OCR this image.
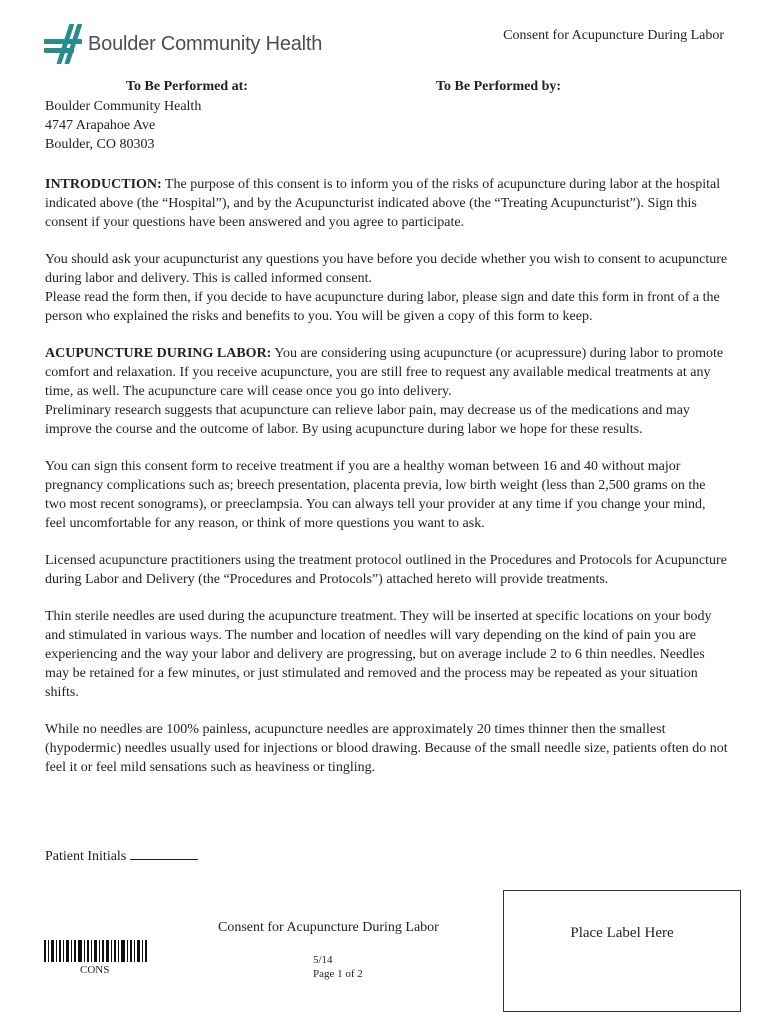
Boulder Community Health	Consent for Acupuncture During Labor
To Be Performed at:	To Be Performed by:
Boulder Community Health
4747 Arapahoe Ave
Boulder, CO 80303

INTRODUCTION: The purpose of this consent is to inform you of the risks of acupuncture during labor at the hospital indicated above (the “Hospital”), and by the Acupuncturist indicated above (the “Treating Acupuncturist”). Sign this consent if your questions have been answered and you agree to participate.

You should ask your acupuncturist any questions you have before you decide whether you wish to consent to acupuncture during labor and delivery. This is called informed consent.
Please read the form then, if you decide to have acupuncture during labor, please sign and date this form in front of a the person who explained the risks and benefits to you. You will be given a copy of this form to keep.

ACUPUNCTURE DURING LABOR: You are considering using acupuncture (or acupressure) during labor to promote comfort and relaxation. If you receive acupuncture, you are still free to request any available medical treatments at any time, as well. The acupuncture care will cease once you go into delivery.
Preliminary research suggests that acupuncture can relieve labor pain, may decrease us of the medications and may improve the course and the outcome of labor. By using acupuncture during labor we hope for these results.

You can sign this consent form to receive treatment if you are a healthy woman between 16 and 40 without major pregnancy complications such as; breech presentation, placenta previa, low birth weight (less than 2,500 grams on the two most recent sonograms), or preeclampsia. You can always tell your provider at any time if you change your mind, feel uncomfortable for any reason, or think of more questions you want to ask.

Licensed acupuncture practitioners using the treatment protocol outlined in the Procedures and Protocols for Acupuncture during Labor and Delivery (the “Procedures and Protocols”) attached hereto will provide treatments.

Thin sterile needles are used during the acupuncture treatment. They will be inserted at specific locations on your body and stimulated in various ways. The number and location of needles will vary depending on the kind of pain you are experiencing and the way your labor and delivery are progressing, but on average include 2 to 6 thin needles. Needles may be retained for a few minutes, or just stimulated and removed and the process may be repeated as your situation shifts.

While no needles are 100% painless, acupuncture needles are approximately 20 times thinner then the smallest (hypodermic) needles usually used for injections or blood drawing. Because of the small needle size, patients often do not feel it or feel mild sensations such as heaviness or tingling.

Patient Initials
Consent for Acupuncture During Labor
5/14
Page 1 of 2
CONS
Place Label Here
